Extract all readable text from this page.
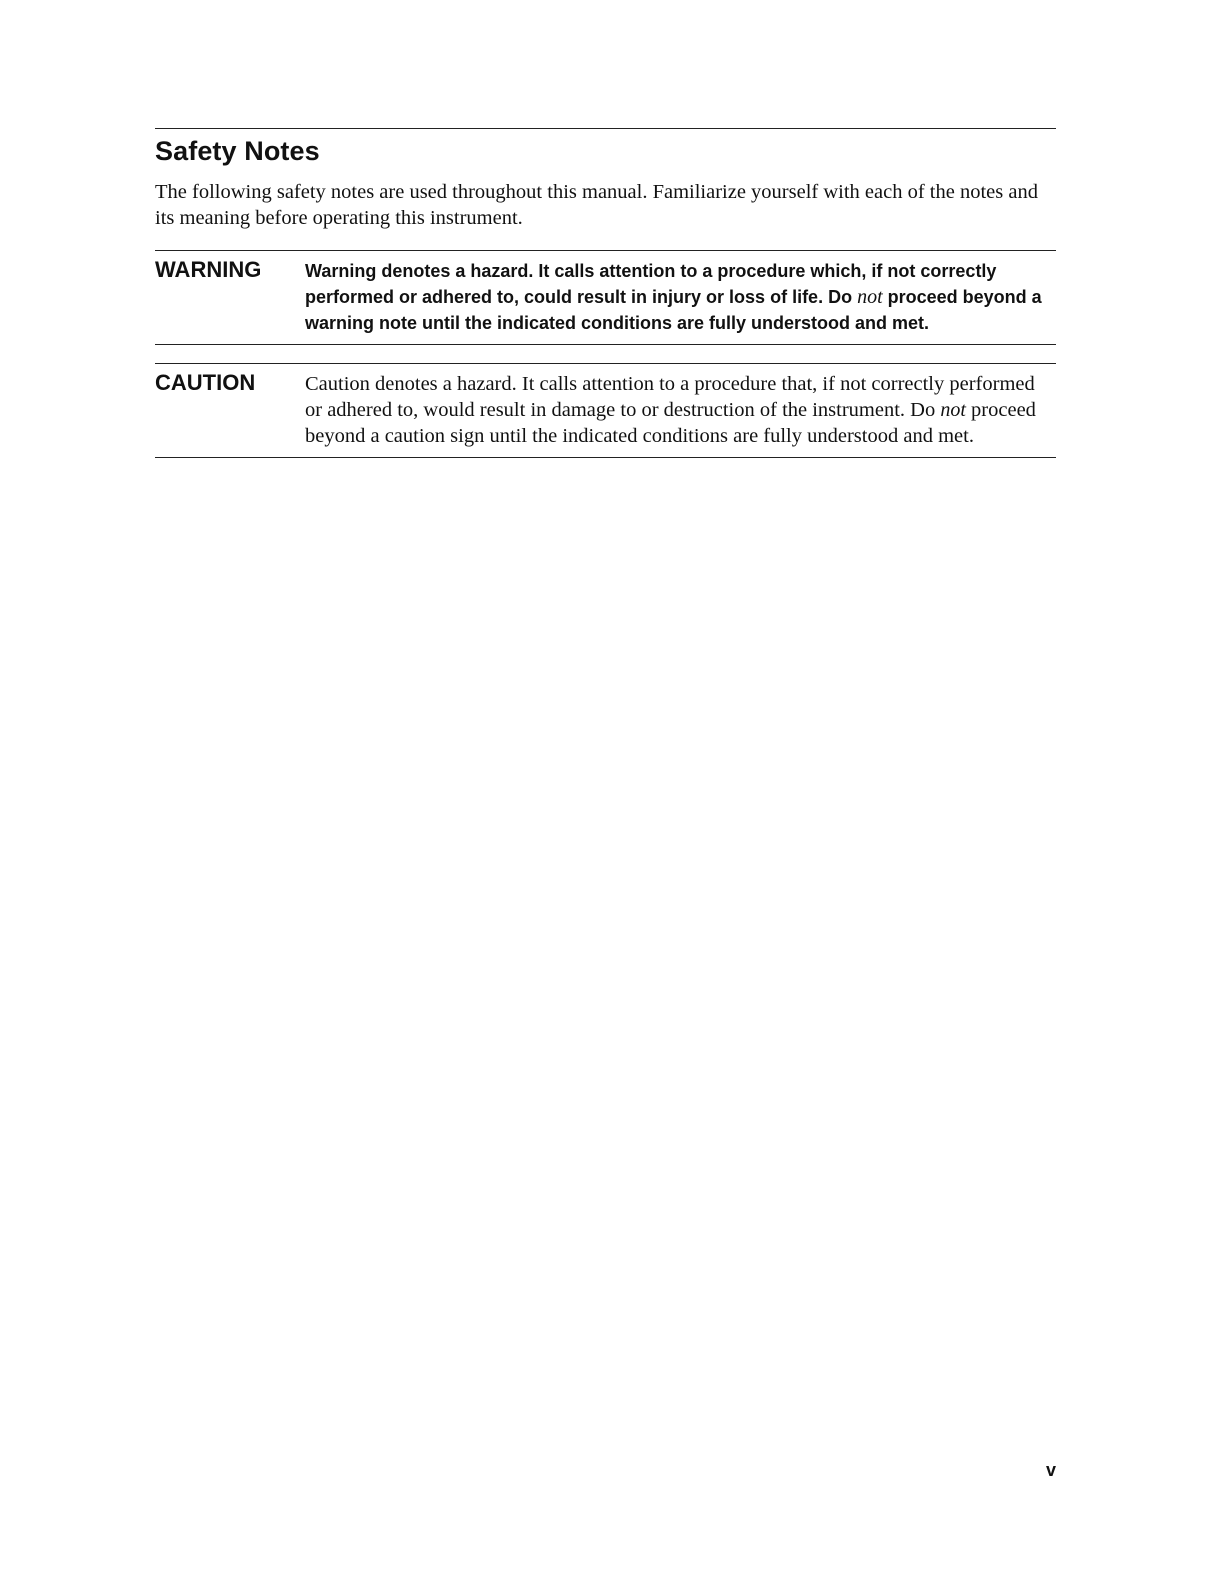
Safety Notes

The following safety notes are used throughout this manual. Familiarize yourself with each of the notes and its meaning before operating this instrument.

WARNING Warning denotes a hazard. It calls attention to a procedure which, if not correctly performed or adhered to, could result in injury or loss of life. Do not proceed beyond a warning note until the indicated conditions are fully understood and met.
CAUTION Caution denotes a hazard. It calls attention to a procedure that, if not correctly performed or adhered to, would result in damage to or destruction of the instrument. Do not proceed beyond a caution sign until the indicated conditions are fully understood and met.
v
